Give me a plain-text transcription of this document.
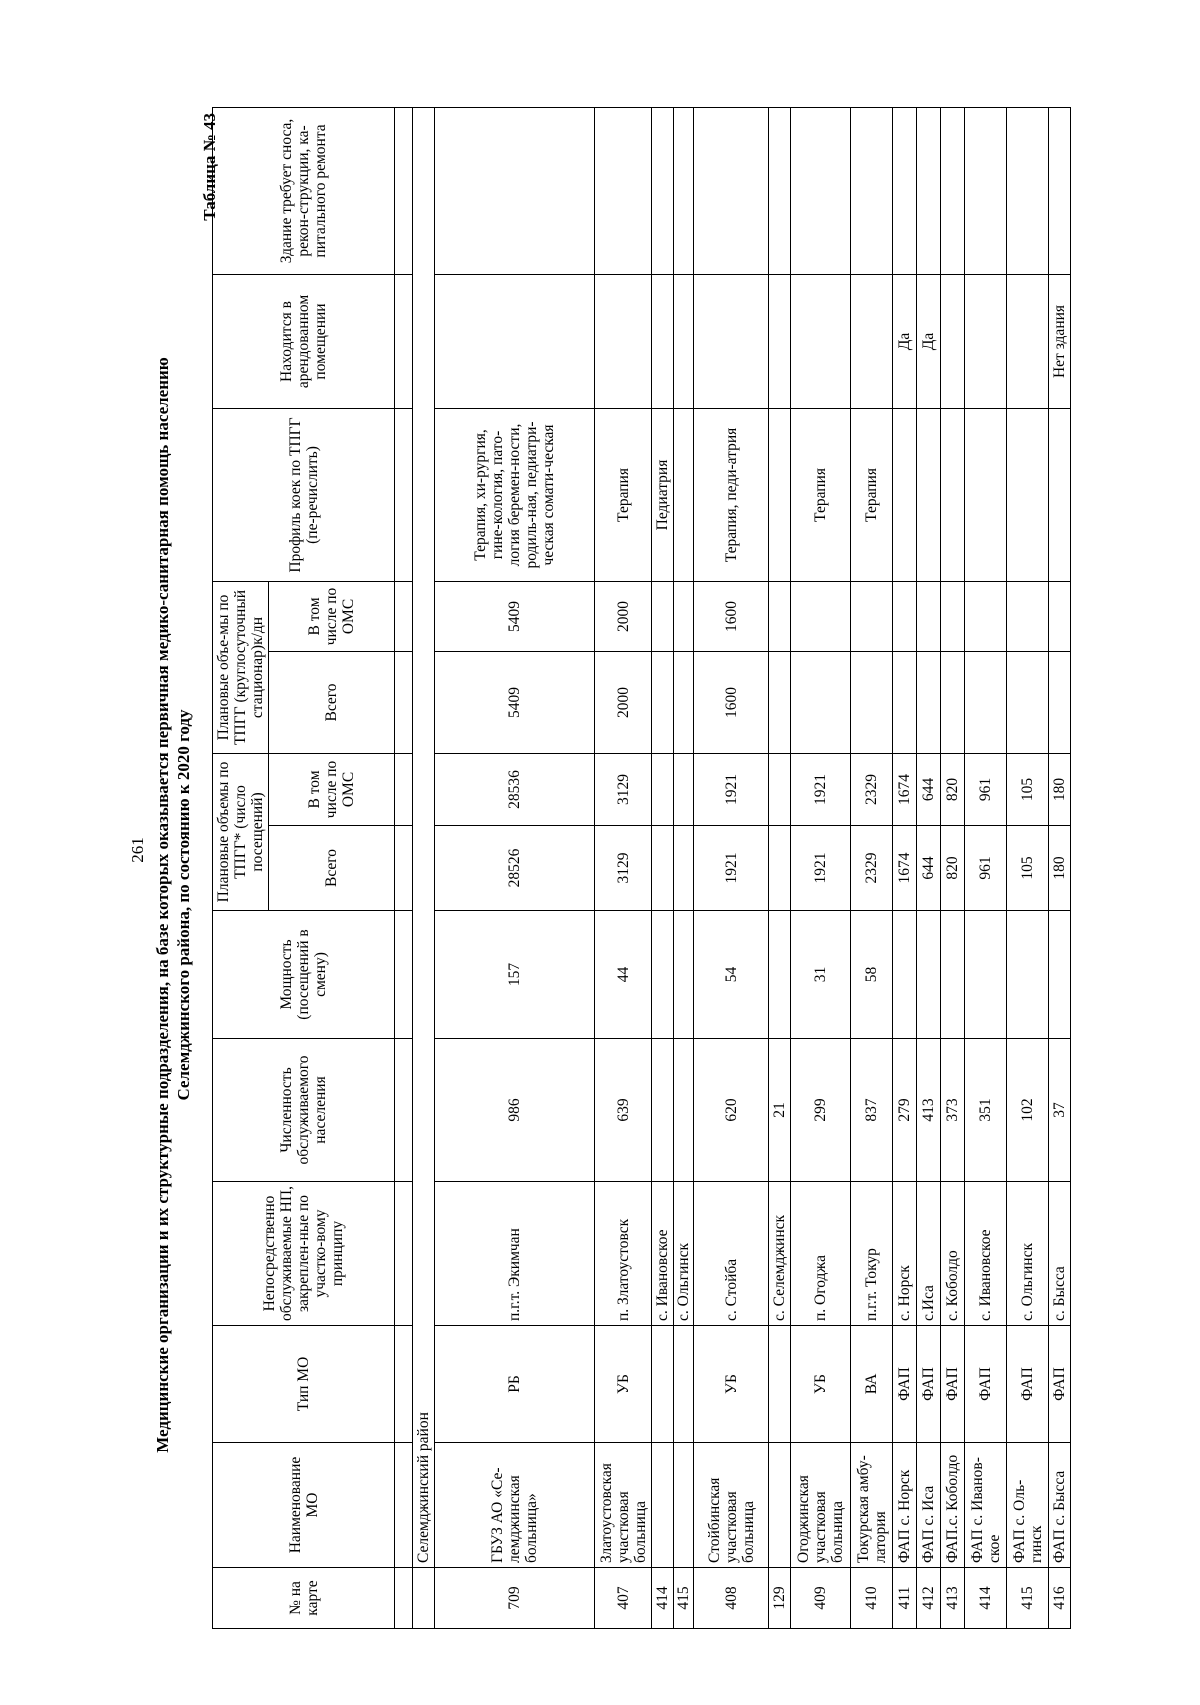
261 Медицинские организации и их структурные подразделения, на базе которых оказывается первичная медико-санитарная помощь населению Селемджинского района, по состоянию к 2020 году

Таблица № 43
№ на карте	Наименование МО	Тип МО	Непосредственно обслуживаемые НП, закреплен-ные по участко-вому принципу	Численность обслуживаемого населения	Мощность (посещений в смену)	Плановые объемы по ТПГГ* (число посещений)		Плановые объе-мы по ТПГГ (круглосуточный стационар)к/дн		Профиль коек по ТПГГ (пе-речислить)	Находится в арендованном помещении	Здание требует сноса, рекон-струкции, ка-питального ремонта
						Всего	В том числе по ОМС	Всего	В том числе по ОМС			

	Селемджинский район											
709	ГБУЗ АО «Се-лемджинская больница»	РБ	п.г.т. Экимчан	986	157	28526	28536	5409	5409	Терапия, хи-рургия, гине-кология, пато-логия беремен-ности, родиль-ная, педиатри-ческая сомати-ческая		
407	Златоустовская участковая больница	УБ	п. Златоустовск	639	44	3129	3129	2000	2000	Терапия		
414			с. Ивановское							Педиатрия		
415			с. Ольгинск									
408	Стойбинская участковая больница	УБ	с. Стойба	620	54	1921	1921	1600	1600	Терапия, педи-атрия		
129			с. Селемджинск	21								
409	Огоджинская участковая больница	УБ	п. Огоджа	299	31	1921	1921			Терапия		
410	Токурская амбу-латория	ВА	п.г.т. Токур	837	58	2329	2329			Терапия		
411	ФАП с. Норск	ФАП	с. Норск	279		1674	1674				Да	
412	ФАП с. Иса	ФАП	с.Иса	413		644	644				Да	
413	ФАП.с. Коболдо	ФАП	с. Коболдо	373		820	820					
414	ФАП с. Иванов-ское	ФАП	с. Ивановское	351		961	961					
415	ФАП с. Оль-гинск	ФАП	с. Ольгинск	102		105	105					
416	ФАП с. Бысса	ФАП	с. Бысса	37		180	180				Нет здания	
